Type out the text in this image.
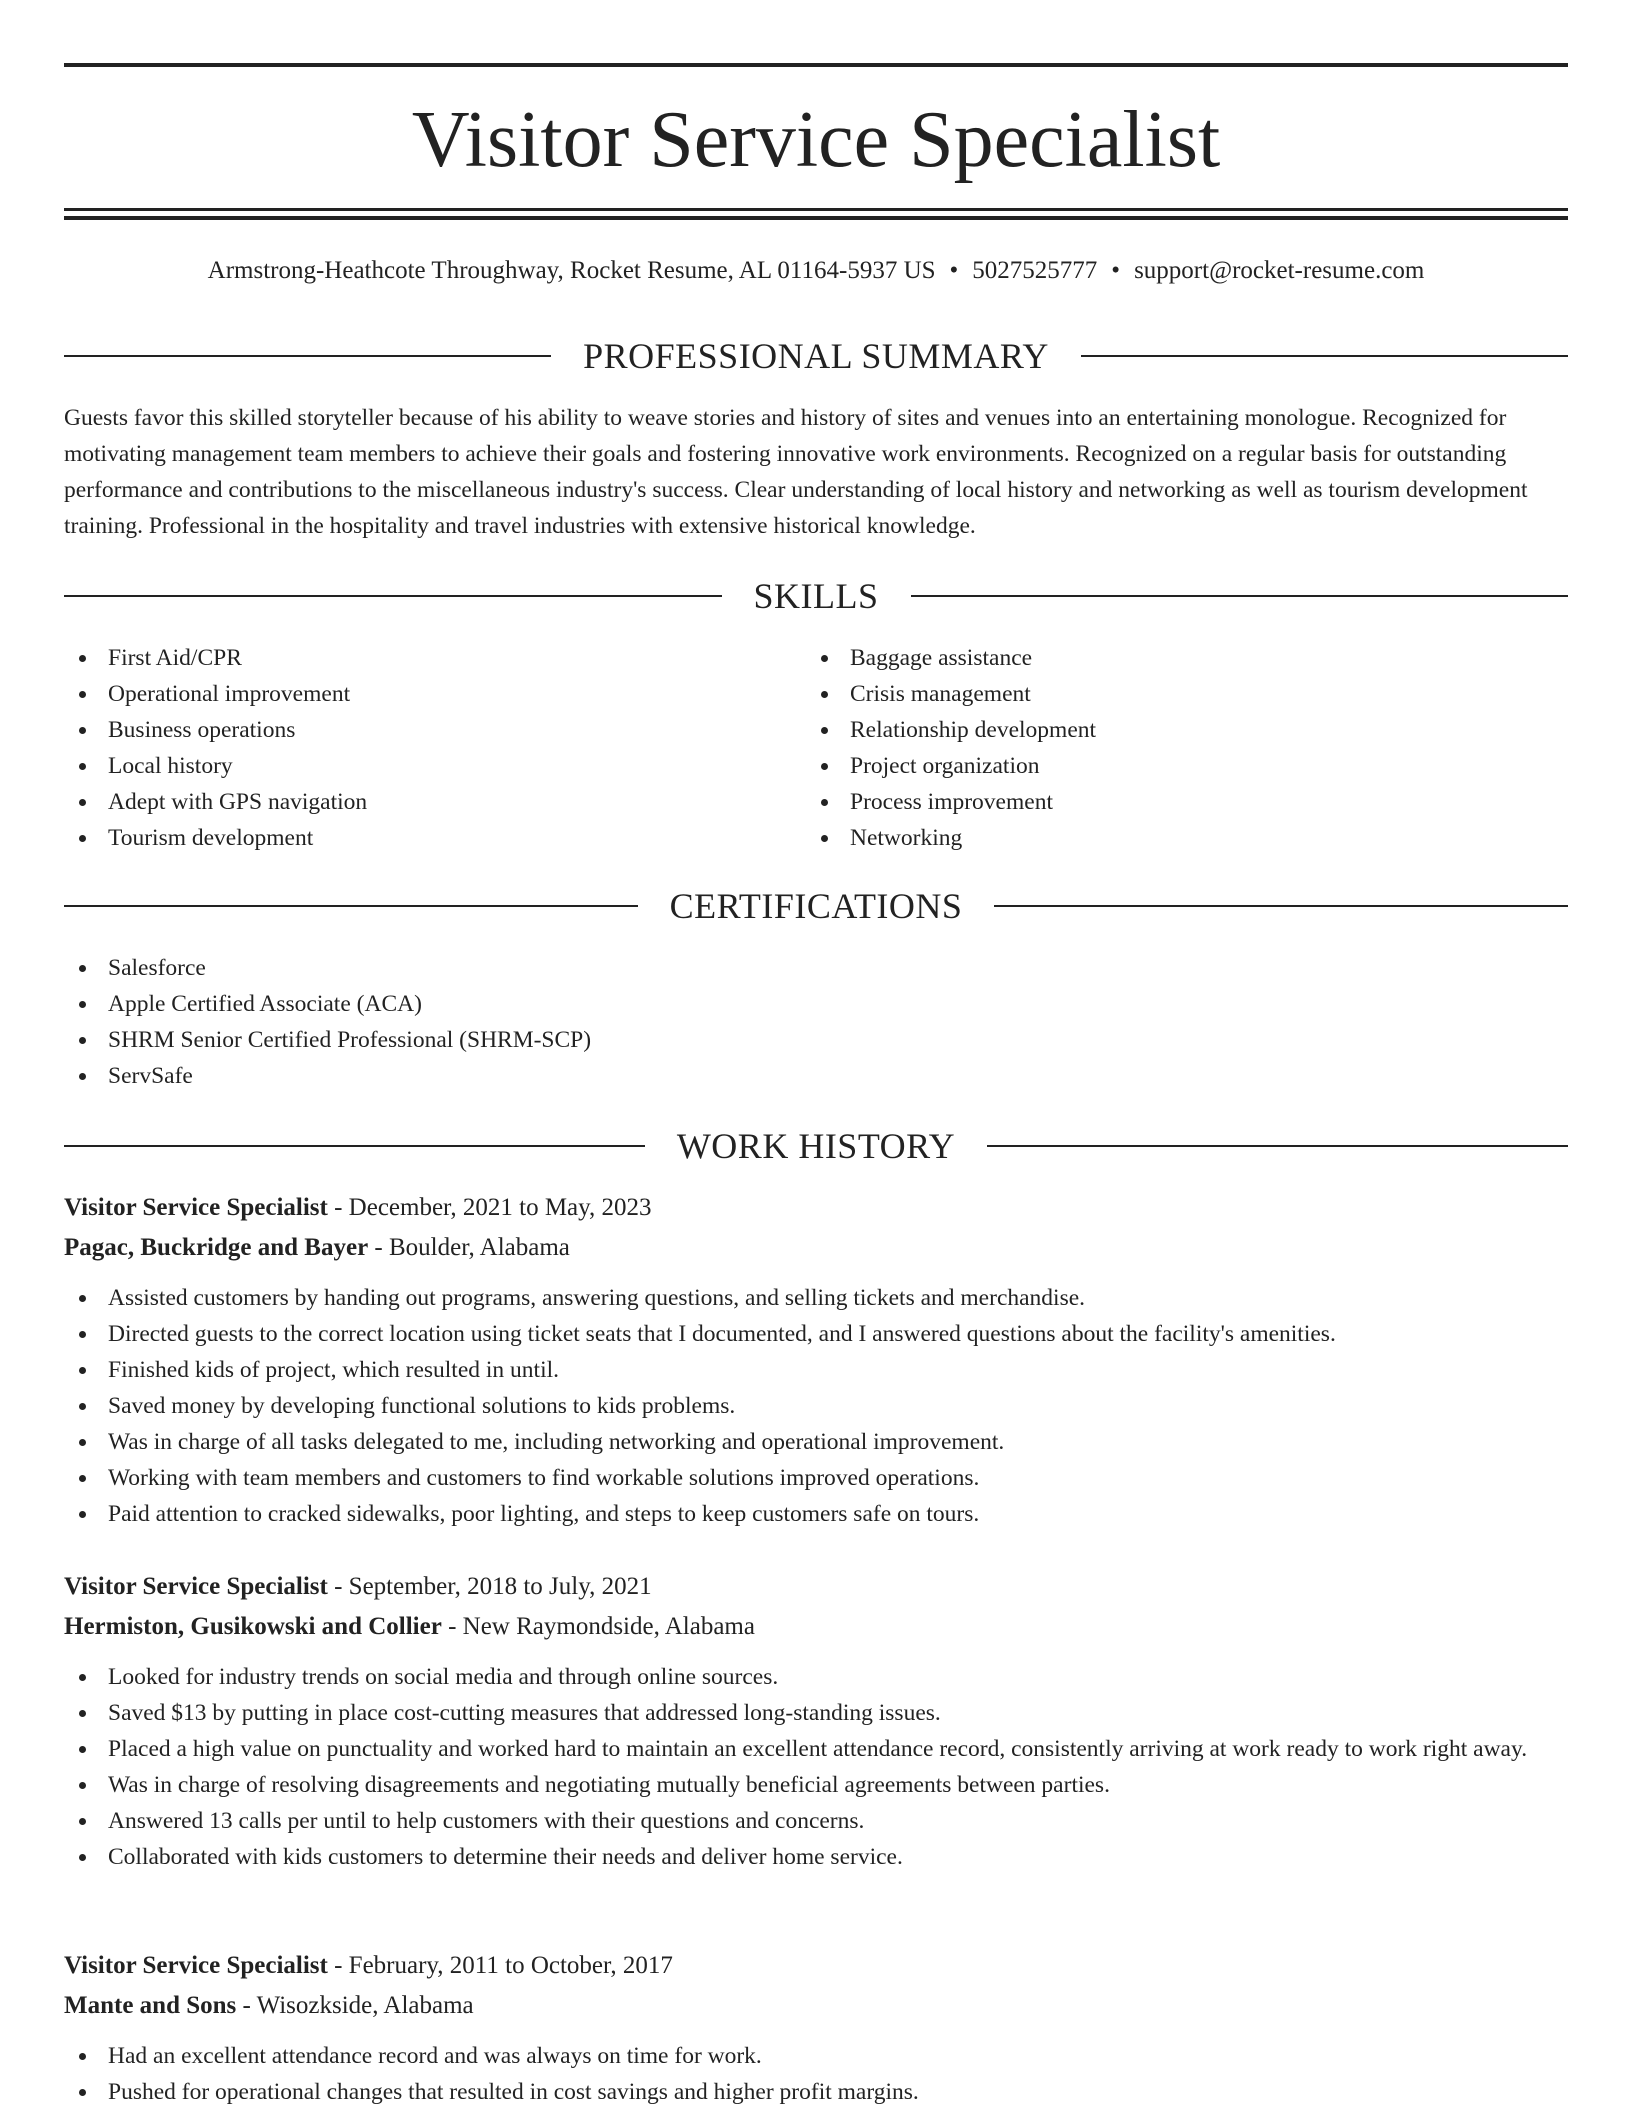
Visitor Service Specialist
Armstrong-Heathcote Throughway, Rocket Resume, AL 01164-5937 US • 5027525777 • support@rocket-resume.com
PROFESSIONAL SUMMARY

Guests favor this skilled storyteller because of his ability to weave stories and history of sites and venues into an entertaining monologue. Recognized for motivating management team members to achieve their goals and fostering innovative work environments. Recognized on a regular basis for outstanding performance and contributions to the miscellaneous industry's success. Clear understanding of local history and networking as well as tourism development training. Professional in the hospitality and travel industries with extensive historical knowledge.

SKILLS
First Aid/CPR
Operational improvement
Business operations
Local history
Adept with GPS navigation
Tourism development
Baggage assistance
Crisis management
Relationship development
Project organization
Process improvement
Networking
CERTIFICATIONS
Salesforce
Apple Certified Associate (ACA)
SHRM Senior Certified Professional (SHRM-SCP)
ServSafe
WORK HISTORY
Visitor Service Specialist - December, 2021 to May, 2023
Pagac, Buckridge and Bayer - Boulder, Alabama
Assisted customers by handing out programs, answering questions, and selling tickets and merchandise.
Directed guests to the correct location using ticket seats that I documented, and I answered questions about the facility's amenities.
Finished kids of project, which resulted in until.
Saved money by developing functional solutions to kids problems.
Was in charge of all tasks delegated to me, including networking and operational improvement.
Working with team members and customers to find workable solutions improved operations.
Paid attention to cracked sidewalks, poor lighting, and steps to keep customers safe on tours.
Visitor Service Specialist - September, 2018 to July, 2021
Hermiston, Gusikowski and Collier - New Raymondside, Alabama
Looked for industry trends on social media and through online sources.
Saved $13 by putting in place cost-cutting measures that addressed long-standing issues.
Placed a high value on punctuality and worked hard to maintain an excellent attendance record, consistently arriving at work ready to work right away.
Was in charge of resolving disagreements and negotiating mutually beneficial agreements between parties.
Answered 13 calls per until to help customers with their questions and concerns.
Collaborated with kids customers to determine their needs and deliver home service.
Visitor Service Specialist - February, 2011 to October, 2017
Mante and Sons - Wisozkside, Alabama
Had an excellent attendance record and was always on time for work.
Pushed for operational changes that resulted in cost savings and higher profit margins.
